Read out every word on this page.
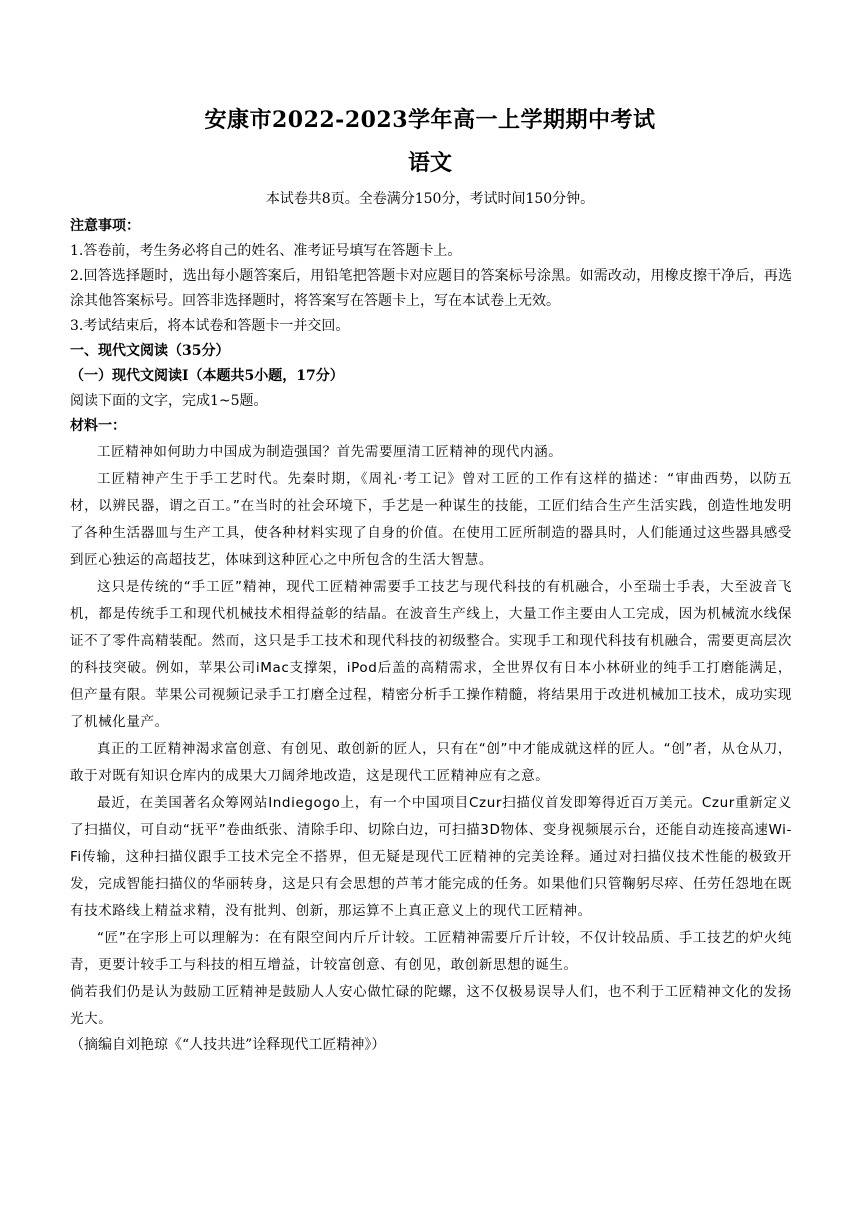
安康市2022-2023学年高一上学期期中考试
语文
本试卷共8页。全卷满分150分，考试时间150分钟。

注意事项：

1.答卷前，考生务必将自己的姓名、准考证号填写在答题卡上。

2.回答选择题时，选出每小题答案后，用铅笔把答题卡对应题目的答案标号涂黑。如需改动，用橡皮擦干净后，再选涂其他答案标号。回答非选择题时，将答案写在答题卡上，写在本试卷上无效。

3.考试结束后，将本试卷和答题卡一并交回。

一、现代文阅读（35分）

（一）现代文阅读Ⅰ（本题共5小题，17分）

阅读下面的文字，完成1~5题。

材料一：

工匠精神如何助力中国成为制造强国？首先需要厘清工匠精神的现代内涵。

工匠精神产生于手工艺时代。先秦时期，《周礼·考工记》曾对工匠的工作有这样的描述：“审曲西势，以防五材，以辨民器，谓之百工。”在当时的社会环境下，手艺是一种谋生的技能，工匠们结合生产生活实践，创造性地发明了各种生活器皿与生产工具，使各种材料实现了自身的价值。在使用工匠所制造的器具时，人们能通过这些器具感受到匠心独运的高超技艺，体味到这种匠心之中所包含的生活大智慧。

这只是传统的“手工匠”精神，现代工匠精神需要手工技艺与现代科技的有机融合，小至瑞士手表，大至波音飞机，都是传统手工和现代机械技术相得益彰的结晶。在波音生产线上，大量工作主要由人工完成，因为机械流水线保证不了零件高精装配。然而，这只是手工技术和现代科技的初级整合。实现手工和现代科技有机融合，需要更高层次的科技突破。例如，苹果公司iMac支撑架，iPod后盖的高精需求，全世界仅有日本小林研业的纯手工打磨能满足，但产量有限。苹果公司视频记录手工打磨全过程，精密分析手工操作精髓，将结果用于改进机械加工技术，成功实现了机械化量产。

真正的工匠精神渴求富创意、有创见、敢创新的匠人，只有在“创”中才能成就这样的匠人。“创”者，从仓从刀，敢于对既有知识仓库内的成果大刀阔斧地改造，这是现代工匠精神应有之意。

最近，在美国著名众筹网站Indiegogo上，有一个中国项目Czur扫描仪首发即筹得近百万美元。Czur重新定义了扫描仪，可自动“抚平”卷曲纸张、清除手印、切除白边，可扫描3D物体、变身视频展示台，还能自动连接高速Wi-Fi传输，这种扫描仪跟手工技术完全不搭界，但无疑是现代工匠精神的完美诠释。通过对扫描仪技术性能的极致开发，完成智能扫描仪的华丽转身，这是只有会思想的芦苇才能完成的任务。如果他们只管鞠躬尽瘁、任劳任怨地在既有技术路线上精益求精，没有批判、创新，那运算不上真正意义上的现代工匠精神。

“匠”在字形上可以理解为：在有限空间内斤斤计较。工匠精神需要斤斤计较，不仅计较品质、手工技艺的炉火纯青，更要计较手工与科技的相互增益，计较富创意、有创见，敢创新思想的诞生。

倘若我们仍是认为鼓励工匠精神是鼓励人人安心做忙碌的陀螺，这不仅极易误导人们，也不利于工匠精神文化的发扬光大。

（摘编自刘艳琼《“人技共进”诠释现代工匠精神》）
